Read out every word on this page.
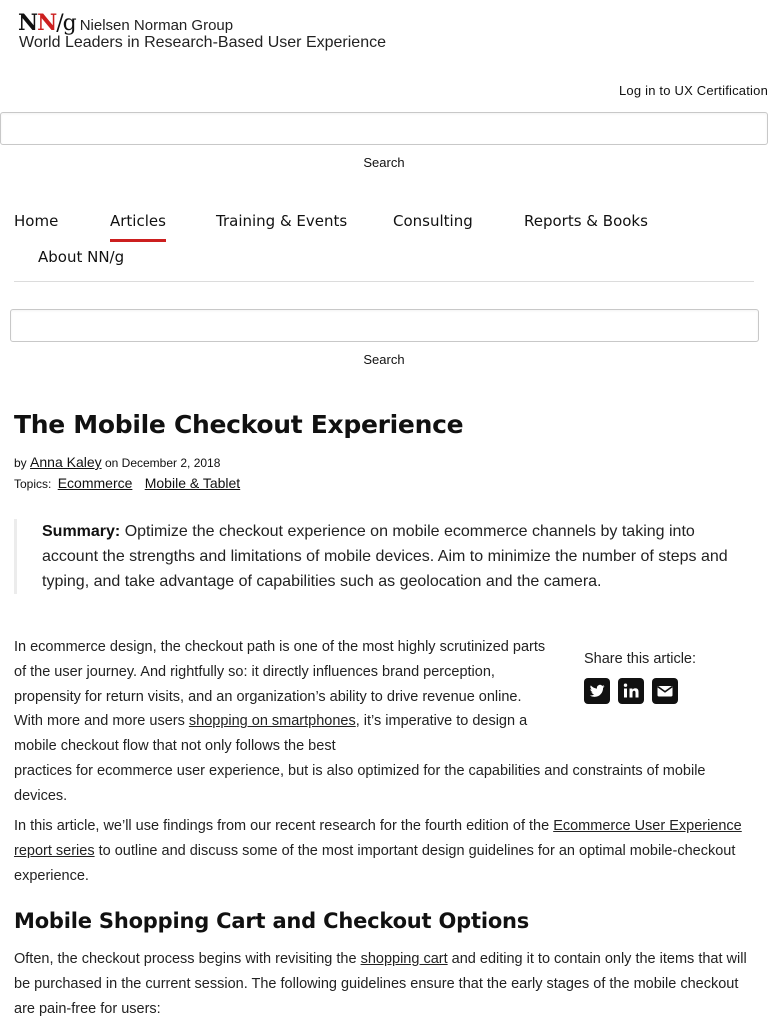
NN/g Nielsen Norman Group
World Leaders in Research-Based User Experience
Log in to UX Certification
Search
Home	Articles	Training & Events	Consulting	Reports & Books
About NN/g
Search
The Mobile Checkout Experience
by Anna Kaley on December 2, 2018
Topics: Ecommerce Mobile & Tablet
Summary: Optimize the checkout experience on mobile ecommerce channels by taking into account the strengths and limitations of mobile devices. Aim to minimize the number of steps and typing, and take advantage of capabilities such as geolocation and the camera.
In ecommerce design, the checkout path is one of the most highly scrutinized parts of the user journey. And rightfully so: it directly influences brand perception, propensity for return visits, and an organization’s ability to drive revenue online. With more and more users shopping on smartphones, it’s imperative to design a mobile checkout flow that not only follows the best
practices for ecommerce user experience, but is also optimized for the capabilities and constraints of mobile devices.
Share this article:
In this article, we’ll use findings from our recent research for the fourth edition of the Ecommerce User Experience report series to outline and discuss some of the most important design guidelines for an optimal mobile-checkout experience.
Mobile Shopping Cart and Checkout Options
Often, the checkout process begins with revisiting the shopping cart and editing it to contain only the items that will be purchased in the current session. The following guidelines ensure that the early stages of the mobile checkout are pain-free for users:
